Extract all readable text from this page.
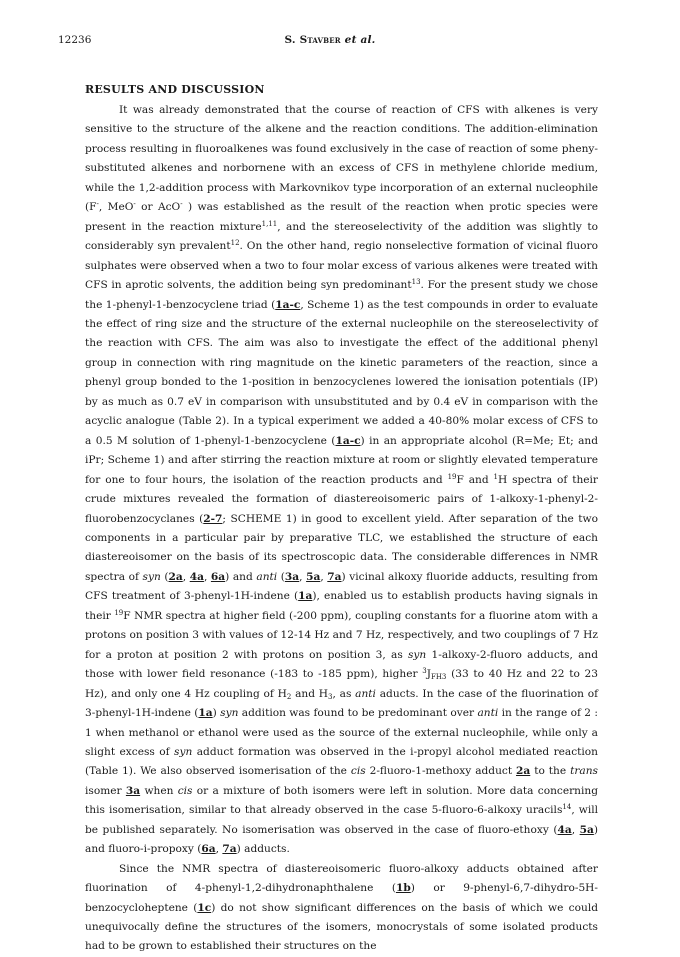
12236	S. Stavber et al.
RESULTS AND DISCUSSION

It was already demonstrated that the course of reaction of CFS with alkenes is very sensitive to the structure of the alkene and the reaction conditions. The addition-elimination process resulting in fluoroalkenes was found exclusively in the case of reaction of some pheny-substituted alkenes and norbornene with an excess of CFS in methylene chloride medium, while the 1,2-addition process with Markovnikov type incorporation of an external nucleophile (F-, MeO- or AcO- ) was established as the result of the reaction when protic species were present in the reaction mixture$^{1,11}$, and the stereoselectivity of the addition was slightly to considerably syn prevalent$^{12}$. On the other hand, regio nonselective formation of vicinal fluoro sulphates were observed when a two to four molar excess of various alkenes were treated with CFS in aprotic solvents, the addition being syn predominant$^{13}$. For the present study we chose the 1-phenyl-1-benzocyclene triad (1a-c, Scheme 1) as the test compounds in order to evaluate the effect of ring size and the structure of the external nucleophile on the stereoselectivity of the reaction with CFS. The aim was also to investigate the effect of the additional phenyl group in connection with ring magnitude on the kinetic parameters of the reaction, since a phenyl group bonded to the 1-position in benzocyclenes lowered the ionisation potentials (IP) by as much as 0.7 eV in comparison with unsubstituted and by 0.4 eV in comparison with the acyclic analogue (Table 2). In a typical experiment we added a 40-80% molar excess of CFS to a 0.5 M solution of 1-phenyl-1-benzocyclene (1a-c) in an appropriate alcohol (R=Me; Et; and iPr; Scheme 1) and after stirring the reaction mixture at room or slightly elevated temperature for one to four hours, the isolation of the reaction products and $^{19}$F and $^1$H spectra of their crude mixtures revealed the formation of diastereoisomeric pairs of 1-alkoxy-1-phenyl-2-fluorobenzocyclanes (2-7; SCHEME 1) in good to excellent yield. After separation of the two components in a particular pair by preparative TLC, we established the structure of each diastereoisomer on the basis of its spectroscopic data. The considerable differences in NMR spectra of syn (2a, 4a, 6a) and anti (3a, 5a, 7a) vicinal alkoxy fluoride adducts, resulting from CFS treatment of 3-phenyl-1H-indene (1a), enabled us to establish products having signals in their $^{19}$F NMR spectra at higher field (-200 ppm), coupling constants for a fluorine atom with a protons on position 3 with values of 12-14 Hz and 7 Hz, respectively, and two couplings of 7 Hz for a proton at position 2 with protons on position 3, as syn 1-alkoxy-2-fluoro adducts, and those with lower field resonance (-183 to -185 ppm), higher $^3J_{FH3}$ (33 to 40 Hz and 22 to 23 Hz), and only one 4 Hz coupling of $H_2$ and $H_3$, as anti aducts. In the case of the fluorination of 3-phenyl-1H-indene (1a) syn addition was found to be predominant over anti in the range of 2 : 1 when methanol or ethanol were used as the source of the external nucleophile, while only a slight excess of syn adduct formation was observed in the i-propyl alcohol mediated reaction (Table 1). We also observed isomerisation of the cis 2-fluoro-1-methoxy adduct 2a to the trans isomer 3a when cis or a mixture of both isomers were left in solution. More data concerning this isomerisation, similar to that already observed in the case 5-fluoro-6-alkoxy uracils$^{14}$, will be published separately. No isomerisation was observed in the case of fluoro-ethoxy (4a, 5a) and fluoro-i-propoxy (6a, 7a) adducts.

Since the NMR spectra of diastereoisomeric fluoro-alkoxy adducts obtained after fluorination of 4-phenyl-1,2-dihydronaphthalene (1b) or 9-phenyl-6,7-dihydro-5H-benzocycloheptene (1c) do not show significant differences on the basis of which we could unequivocally define the structures of the isomers, monocrystals of some isolated products had to be grown to established their structures on the
